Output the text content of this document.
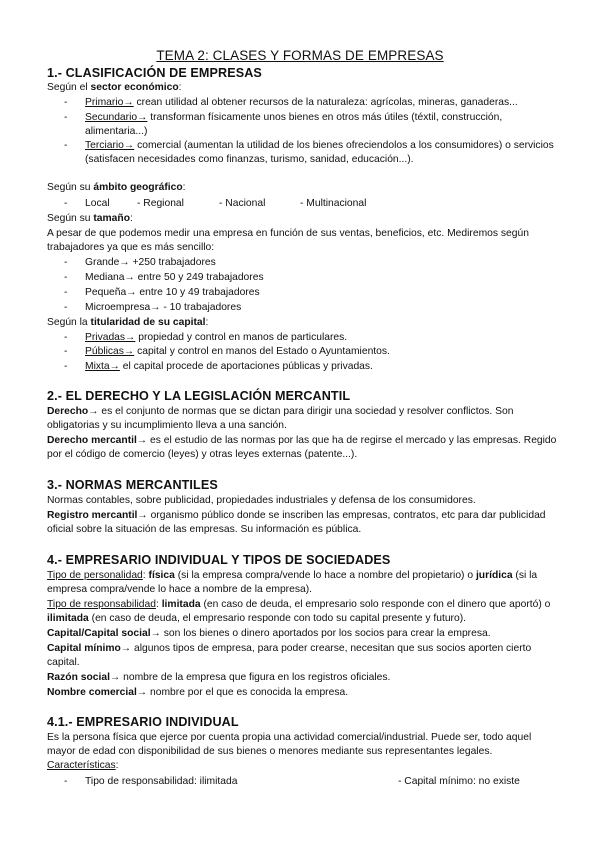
TEMA 2: CLASES Y FORMAS DE EMPRESAS
1.- CLASIFICACIÓN DE EMPRESAS
Según el sector económico:
- Primario→ crean utilidad al obtener recursos de la naturaleza: agrícolas, mineras, ganaderas...
- Secundario→ transforman físicamente unos bienes en otros más útiles (téxtil, construcción, alimentaria...)
- Terciario→ comercial (aumentan la utilidad de los bienes ofreciendolos a los consumidores) o servicios (satisfacen necesidades como finanzas, turismo, sanidad, educación...).
Según su ámbito geográfico:
- Local	- Regional	- Nacional	- Multinacional
Según su tamaño:
A pesar de que podemos medir una empresa en función de sus ventas, beneficios, etc. Mediremos según trabajadores ya que es más sencillo:
- Grande→ +250 trabajadores
- Mediana→ entre 50 y 249 trabajadores
- Pequeña→ entre 10 y 49 trabajadores
- Microempresa→ - 10 trabajadores
Según la titularidad de su capital:
- Privadas→ propiedad y control en manos de particulares.
- Públicas→ capital y control en manos del Estado o Ayuntamientos.
- Mixta→ el capital procede de aportaciones públicas y privadas.
2.- EL DERECHO Y LA LEGISLACIÓN MERCANTIL
Derecho→ es el conjunto de normas que se dictan para dirigir una sociedad y resolver conflictos. Son obligatorias y su incumplimiento lleva a una sanción.
Derecho mercantil→ es el estudio de las normas por las que ha de regirse el mercado y las empresas. Regido por el código de comercio (leyes) y otras leyes externas (patente...).
3.- NORMAS MERCANTILES
Normas contables, sobre publicidad, propiedades industriales y defensa de los consumidores.
Registro mercantil→ organismo público donde se inscriben las empresas, contratos, etc para dar publicidad oficial sobre la situación de las empresas. Su información es pública.
4.- EMPRESARIO INDIVIDUAL Y TIPOS DE SOCIEDADES
Tipo de personalidad: física (si la empresa compra/vende lo hace a nombre del propietario) o jurídica (si la empresa compra/vende lo hace a nombre de la empresa).
Tipo de responsabilidad: limitada (en caso de deuda, el empresario solo responde con el dinero que aportó) o ilimitada (en caso de deuda, el empresario responde con todo su capital presente y futuro).
Capital/Capital social→ son los bienes o dinero aportados por los socios para crear la empresa.
Capital mínimo→ algunos tipos de empresa, para poder crearse, necesitan que sus socios aporten cierto capital.
Razón social→ nombre de la empresa que figura en los registros oficiales.
Nombre comercial→ nombre por el que es conocida la empresa.
4.1.- EMPRESARIO INDIVIDUAL
Es la persona física que ejerce por cuenta propia una actividad comercial/industrial. Puede ser, todo aquel mayor de edad con disponibilidad de sus bienes o menores mediante sus representantes legales. Características:
- Tipo de responsabilidad: ilimitada	- Capital mínimo: no existe
